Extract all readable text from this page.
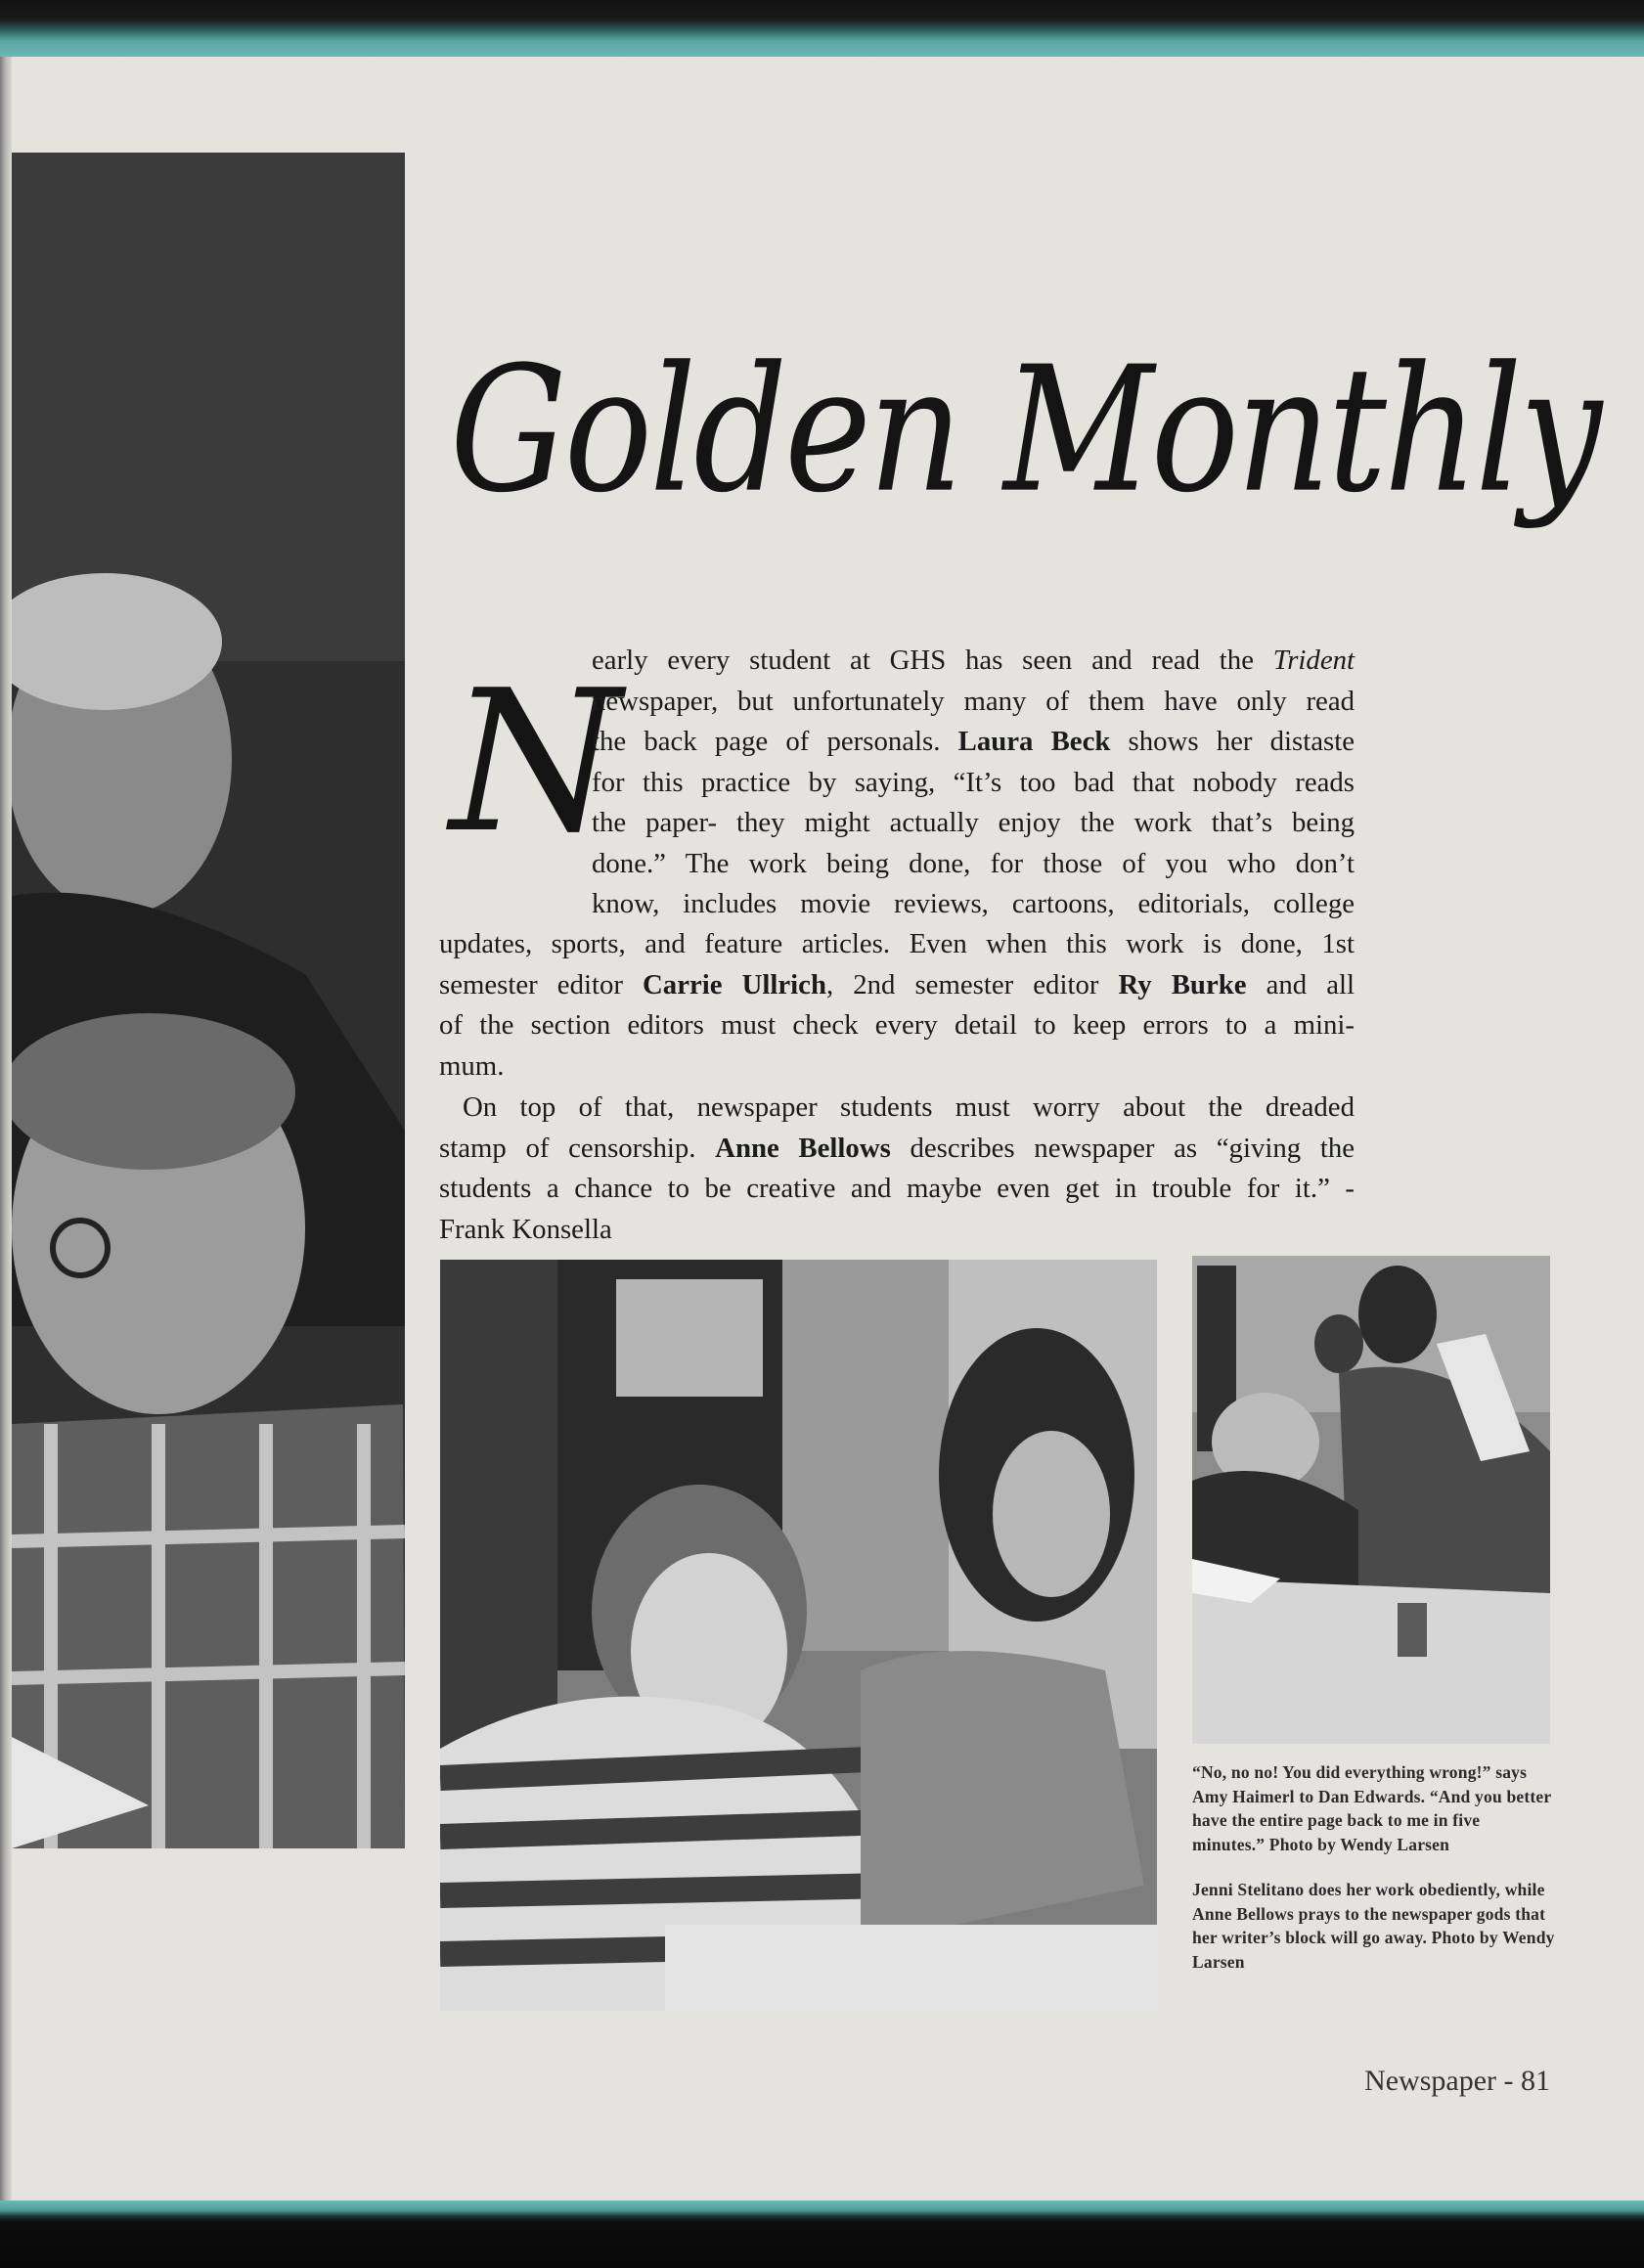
Golden Monthly
N
early every student at GHS has seen and read the Trident
newspaper, but unfortunately many of them have only read
the back page of personals. Laura Beck shows her distaste
for this practice by saying, “It’s too bad that nobody reads
the paper- they might actually enjoy the work that’s being
done.” The work being done, for those of you who don’t
know, includes movie reviews, cartoons, editorials, college
updates, sports, and feature articles. Even when this work is done, 1st
semester editor Carrie Ullrich, 2nd semester editor Ry Burke and all
of the section editors must check every detail to keep errors to a mini-
mum.
On top of that, newspaper students must worry about the dreaded
stamp of censorship. Anne Bellows describes newspaper as “giving the
students a chance to be creative and maybe even get in trouble for it.” -
Frank Konsella
“No, no no! You did everything wrong!” says Amy Haimerl to Dan Edwards. “And you better have the entire page back to me in five minutes.” Photo by Wendy Larsen
Jenni Stelitano does her work obediently, while Anne Bellows prays to the newspaper gods that her writer’s block will go away. Photo by Wendy Larsen
Newspaper - 81
